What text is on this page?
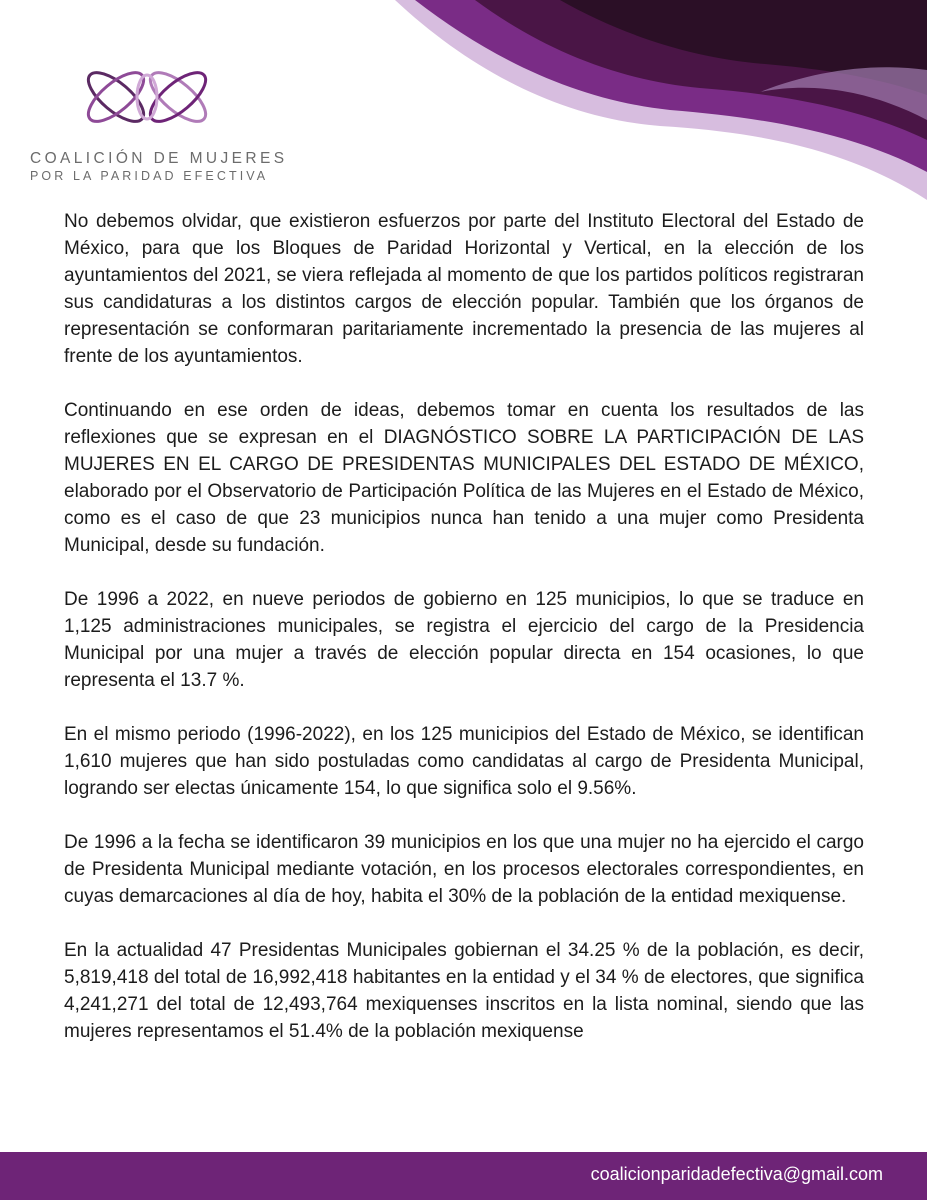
COALICIÓN DE MUJERES
POR LA PARIDAD EFECTIVA

No debemos olvidar, que existieron esfuerzos por parte del Instituto Electoral del Estado de México, para que los Bloques de Paridad Horizontal y Vertical, en la elección de los ayuntamientos del 2021, se viera reflejada al momento de que los partidos políticos registraran sus candidaturas a los distintos cargos de elección popular. También que los órganos de representación se conformaran paritariamente incrementado la presencia de las mujeres al frente de los ayuntamientos.

Continuando en ese orden de ideas, debemos tomar en cuenta los resultados de las reflexiones que se expresan en el DIAGNÓSTICO SOBRE LA PARTICIPACIÓN DE LAS MUJERES EN EL CARGO DE PRESIDENTAS MUNICIPALES DEL ESTADO DE MÉXICO, elaborado por el Observatorio de Participación Política de las Mujeres en el Estado de México, como es el caso de que 23 municipios nunca han tenido a una mujer como Presidenta Municipal, desde su fundación.

De 1996 a 2022, en nueve periodos de gobierno en 125 municipios, lo que se traduce en 1,125 administraciones municipales, se registra el ejercicio del cargo de la Presidencia Municipal por una mujer a través de elección popular directa en 154 ocasiones, lo que representa el 13.7 %.

En el mismo periodo (1996-2022), en los 125 municipios del Estado de México, se identifican 1,610 mujeres que han sido postuladas como candidatas al cargo de Presidenta Municipal, logrando ser electas únicamente 154, lo que significa solo el 9.56%.

De 1996 a la fecha se identificaron 39 municipios en los que una mujer no ha ejercido el cargo de Presidenta Municipal mediante votación, en los procesos electorales correspondientes, en cuyas demarcaciones al día de hoy, habita el 30% de la población de la entidad mexiquense.

En la actualidad 47 Presidentas Municipales gobiernan el 34.25 % de la población, es decir, 5,819,418 del total de 16,992,418 habitantes en la entidad y el 34 % de electores, que significa 4,241,271 del total de 12,493,764 mexiquenses inscritos en la lista nominal, siendo que las mujeres representamos el 51.4% de la población mexiquense

coalicionparidadefectiva@gmail.com
